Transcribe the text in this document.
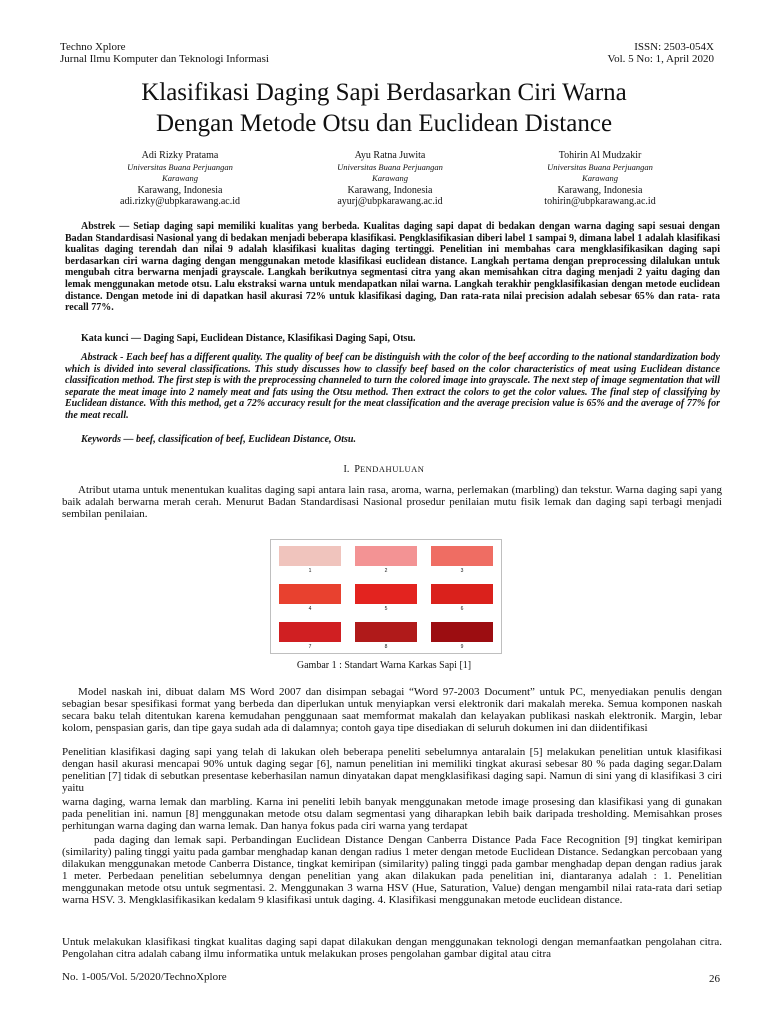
Techno Xplore
Jurnal Ilmu Komputer dan Teknologi Informasi
ISSN: 2503-054X
Vol. 5 No: 1, April 2020
Klasifikasi Daging Sapi Berdasarkan Ciri Warna
Dengan Metode Otsu dan Euclidean Distance
Adi Rizky Pratama
Universitas Buana Perjuangan
Karawang
Karawang, Indonesia
adi.rizky@ubpkarawang.ac.id
Ayu Ratna Juwita
Universitas Buana Perjuangan
Karawang
Karawang, Indonesia
ayurj@ubpkarawang.ac.id
Tohirin Al Mudzakir
Universitas Buana Perjuangan
Karawang
Karawang, Indonesia
tohirin@ubpkarawang.ac.id

Abstrek — Setiap daging sapi memiliki kualitas yang berbeda. Kualitas daging sapi dapat di bedakan dengan warna daging sapi sesuai dengan Badan Standardisasi Nasional yang di bedakan menjadi beberapa klasifikasi. Pengklasifikasian diberi label 1 sampai 9, dimana label 1 adalah klasifikasi kualitas daging terendah dan nilai 9 adalah klasifikasi kualitas daging tertinggi. Penelitian ini membahas cara mengklasifikasikan daging sapi berdasarkan ciri warna daging dengan menggunakan metode klasifikasi euclidean distance. Langkah pertama dengan preprocessing dilalukan untuk mengubah citra berwarna menjadi grayscale. Langkah berikutnya segmentasi citra yang akan memisahkan citra daging menjadi 2 yaitu daging dan lemak menggunakan metode otsu. Lalu ekstraksi warna untuk mendapatkan nilai warna. Langkah terakhir pengklasifikasian dengan metode euclidean distance. Dengan metode ini di dapatkan hasil akurasi 72% untuk klasifikasi daging, Dan rata-rata nilai precision adalah sebesar 65% dan rata- rata recall 77%.

Kata kunci — Daging Sapi, Euclidean Distance, Klasifikasi Daging Sapi, Otsu.

Abstrack - Each beef has a different quality. The quality of beef can be distinguish with the color of the beef according to the national standardization body which is divided into several classifications. This study discusses how to classify beef based on the color characteristics of meat using Euclidean distance classification method. The first step is with the preprocessing channeled to turn the colored image into grayscale. The next step of image segmentation that will separate the meat image into 2 namely meat and fats using the Otsu method. Then extract the colors to get the color values. The final step of classifying by Euclidean distance. With this method, get a 72% accuracy result for the meat classification and the average precision value is 65% and the average of 77% for the meat recall.

Keywords — beef, classification of beef, Euclidean Distance, Otsu.
I. PENDAHULUAN

Atribut utama untuk menentukan kualitas daging sapi antara lain rasa, aroma, warna, perlemakan (marbling) dan tekstur. Warna daging sapi yang baik adalah berwarna merah cerah. Menurut Badan Standardisasi Nasional prosedur penilaian mutu fisik lemak dan daging sapi terbagi menjadi sembilan penilaian.

1	2	3
4	5	6
7	8	9
Gambar 1 : Standart Warna Karkas Sapi [1]

Model naskah ini, dibuat dalam MS Word 2007 dan disimpan sebagai “Word 97-2003 Document” untuk PC, menyediakan penulis dengan sebagian besar spesifikasi format yang berbeda dan diperlukan untuk menyiapkan versi elektronik dari makalah mereka. Semua komponen naskah secara baku telah ditentukan karena kemudahan penggunaan saat memformat makalah dan kelayakan publikasi naskah elektronik. Margin, lebar kolom, penspasian garis, dan tipe gaya sudah ada di dalamnya; contoh gaya tipe disediakan di seluruh dokumen ini dan diidentifikasi

Penelitian klasifikasi daging sapi yang telah di lakukan oleh beberapa peneliti sebelumnya antaralain [5] melakukan penelitian untuk klasifikasi dengan hasil akurasi mencapai 90% untuk daging segar [6], namun penelitian ini memiliki tingkat akurasi sebesar 80 % pada daging segar.Dalam penelitian [7] tidak di sebutkan presentase keberhasilan namun dinyatakan dapat mengklasifikasi daging sapi. Namun di sini yang di klasifikasi 3 ciri yaitu

warna daging, warna lemak dan marbling. Karna ini peneliti lebih banyak menggunakan metode image prosesing dan klasifikasi yang di gunakan pada penelitian ini. namun [8] menggunakan metode otsu dalam segmentasi yang diharapkan lebih baik daripada tresholding. Memisahkan proses perhitungan warna daging dan warna lemak. Dan hanya fokus pada ciri warna yang terdapat

pada daging dan lemak sapi. Perbandingan Euclidean Distance Dengan Canberra Distance Pada Face Recognition [9] tingkat kemiripan (similarity) paling tinggi yaitu pada gambar menghadap kanan dengan radius 1 meter dengan metode Euclidean Distance. Sedangkan percobaan yang dilakukan menggunakan metode Canberra Distance, tingkat kemiripan (similarity) paling tinggi pada gambar menghadap depan dengan radius jarak 1 meter. Perbedaan penelitian sebelumnya dengan penelitian yang akan dilakukan pada penelitian ini, diantaranya adalah : 1. Penelitian menggunakan metode otsu untuk segmentasi. 2. Menggunakan 3 warna HSV (Hue, Saturation, Value) dengan mengambil nilai rata-rata dari setiap warna HSV. 3. Mengklasifikasikan kedalam 9 klasifikasi untuk daging. 4. Klasifikasi menggunakan metode euclidean distance.

Untuk melakukan klasifikasi tingkat kualitas daging sapi dapat dilakukan dengan menggunakan teknologi dengan memanfaatkan pengolahan citra. Pengolahan citra adalah cabang ilmu informatika untuk melakukan proses pengolahan gambar digital atau citra

No. 1-005/Vol. 5/2020/TechnoXplore	26
